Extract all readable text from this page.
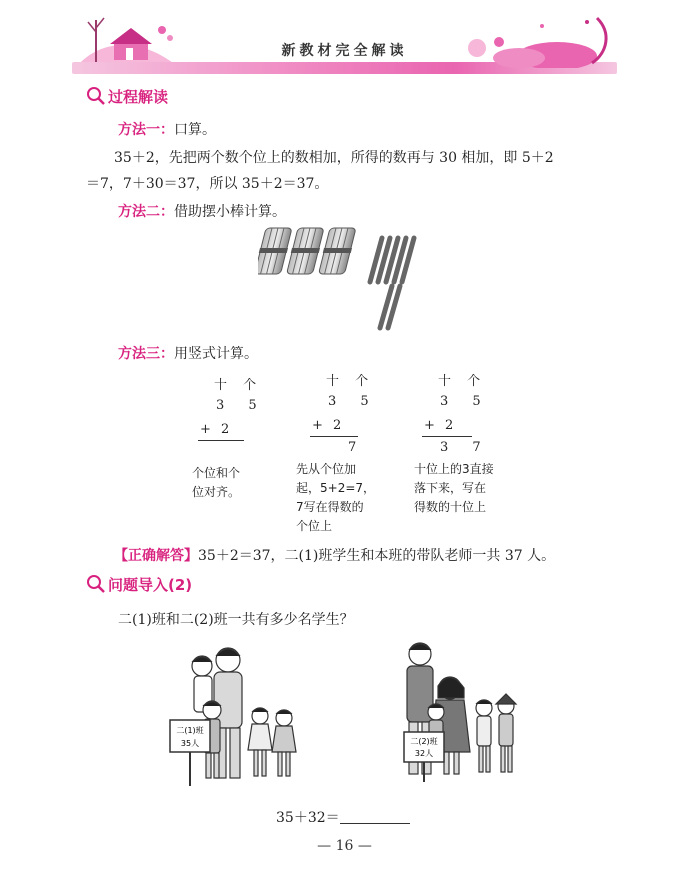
新教材完全解读
过程解读
方法一：口算。
35＋2，先把两个数个位上的数相加，所得的数再与 30 相加，即 5＋2
＝7，7＋30＝37，所以 35＋2＝37。
方法二：借助摆小棒计算。
方法三：用竖式计算。
十 个
3 5
+ 2
个位和个
位对齐。
十 个
3 5
+ 2
7
先从个位加
起，5+2=7，
7写在得数的
个位上
十 个
3 5
+ 2
3 7
十位上的3直接
落下来，写在
得数的十位上
【正确解答】35＋2＝37，二(1)班学生和本班的带队老师一共 37 人。
问题导入(2)
二(1)班和二(2)班一共有多少名学生？
二(1)班
35人	二(2)班
32人
35＋32＝
— 16 —
